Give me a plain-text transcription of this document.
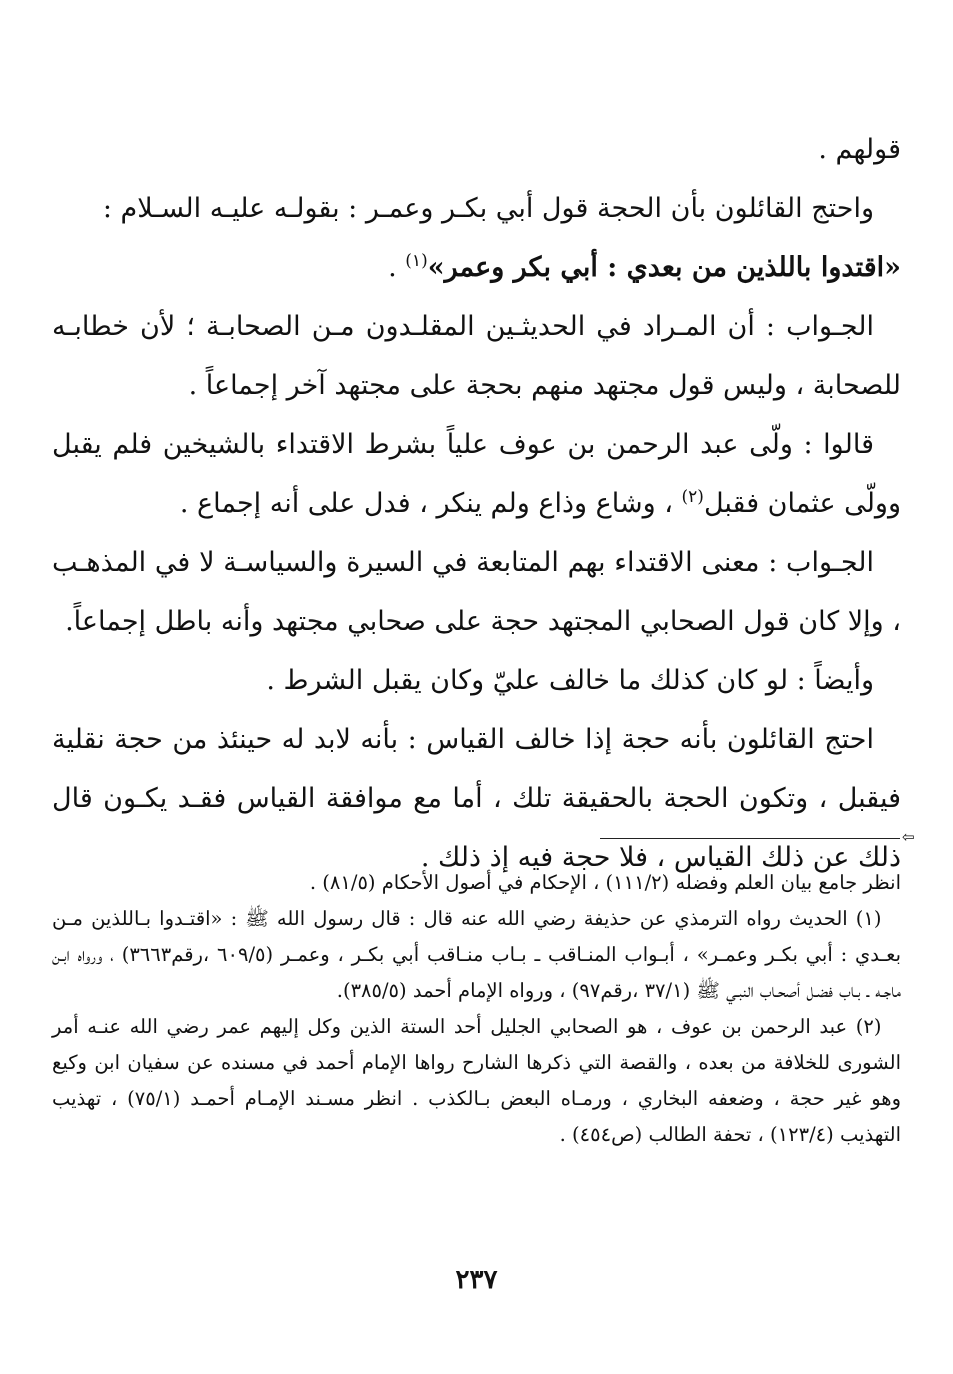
قولهم .

واحتج القائلون بأن الحجة قول أبي بكـر وعمـر : بقولـه عليـه السـلام :

«اقتدوا باللذين من بعدي : أبي بكر وعمر»$^{(١)}$ .

الجـواب : أن المـراد في الحديثـين المقلـدون مـن الصحابـة ؛ لأن خطابـه للصحابة ، وليس قول مجتهد منهم بحجة على مجتهد آخر إجماعاً .

قالوا : ولّى عبد الرحمن بن عوف علياً بشرط الاقتداء بالشيخين فلم يقبل وولّى عثمان فقبل$^{(٢)}$ ، وشاع وذاع ولم ينكر ، فدل على أنه إجماع .

الجـواب : معنى الاقتداء بهم المتابعة في السيرة والسياسـة لا في المذهـب ، وإلا كان قول الصحابي المجتهد حجة على صحابي مجتهد وأنه باطل إجماعاً.

وأيضاً : لو كان كذلك ما خالف عليّ وكان يقبل الشرط .

احتج القائلون بأنه حجة إذا خالف القياس : بأنه لابد له حينئذ من حجة نقلية فيقبل ، وتكون الحجة بالحقيقة تلك ، أما مع موافقة القياس فقـد يكـون قال ذلك عن ذلك القياس ، فلا حجة فيه إذ ذلك .

⇦

انظر جامع بيان العلم وفضله (١١١/٢) ، الإحكام في أصول الأحكام (٨١/٥) .

(١) الحديث رواه الترمذي عن حذيفة رضي الله عنه قال : قال رسول الله ﷺ : «اقتـدوا بـاللذين مـن بعـدي : أبي بكـر وعمـر» ، أبـواب المنـاقب ـ بـاب منـاقب أبي بكـر ، وعمـر (٦٠٩/٥ ،رقم٣٦٦٣) ، ورواه ابـن ماجـه ـ بـاب فضـل أصحـاب النبـي ﷺ (٣٧/١ ،رقم٩٧) ، ورواه الإمام أحمد (٣٨٥/٥).

(٢) عبد الرحمن بن عوف ، هو الصحابي الجليل أحد الستة الذين وكل إليهم عمر رضي الله عنـه أمر الشورى للخلافة من بعده ، والقصة التي ذكرها الشارح رواها الإمام أحمد في مسنده عن سفيان ابن وكيع وهو غير حجة ، وضعفه البخاري ، ورمـاه البعض بـالكذب . انظر مسـند الإمـام أحمـد (٧٥/١) ، تهذيب التهذيب (١٢٣/٤) ، تحفة الطالب (ص٤٥٤) .

٢٣٧
